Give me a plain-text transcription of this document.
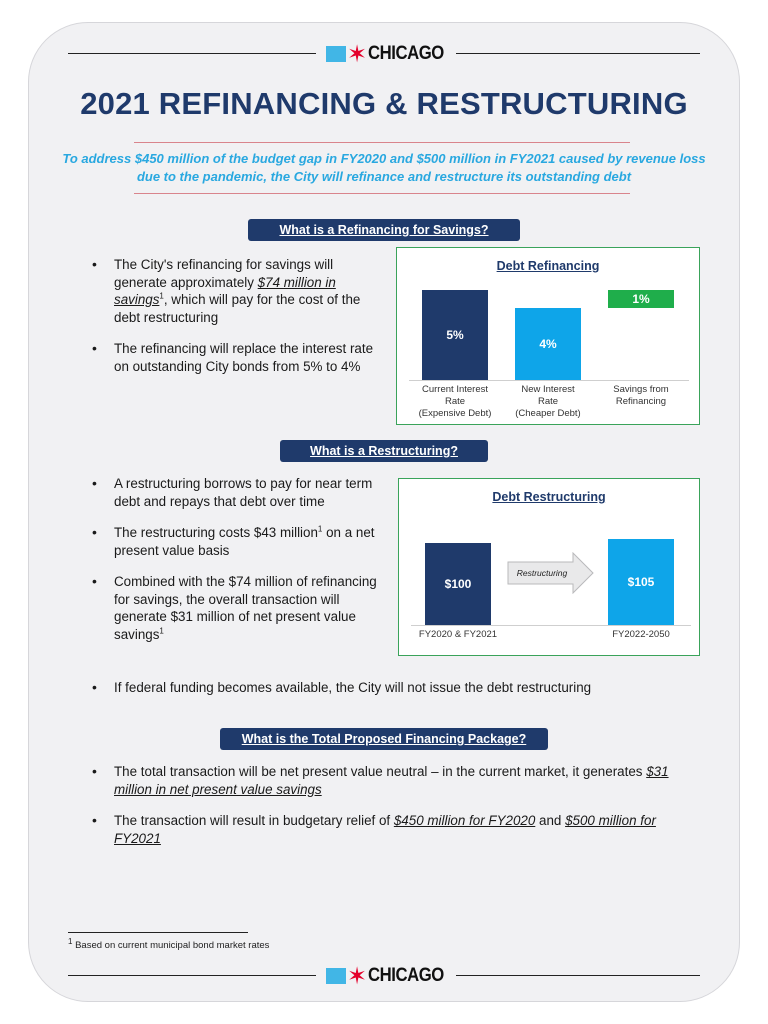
✶ CHICAGO
2021 REFINANCING & RESTRUCTURING

To address $450 million of the budget gap in FY2020 and $500 million in FY2021 caused by revenue loss due to the pandemic, the City will refinance and restructure its outstanding debt

What is a Refinancing for Savings?
• The City's refinancing for savings will generate approximately $74 million in savings$^1$, which will pay for the cost of the debt restructuring
• The refinancing will replace the interest rate on outstanding City bonds from 5% to 4%
Debt Refinancing
5%
Current Interest
Rate
(Expensive Debt)
4%
New Interest
Rate
(Cheaper Debt)
1%
Savings from
Refinancing
What is a Restructuring?
• A restructuring borrows to pay for near term debt and repays that debt over time
• The restructuring costs $43 million$^1$ on a net present value basis
• Combined with the $74 million of refinancing for savings, the overall transaction will generate $31 million of net present value savings$^1$
• If federal funding becomes available, the City will not issue the debt restructuring
Debt Restructuring
$100
FY2020 & FY2021
$105
FY2022-2050
Restructuring
What is the Total Proposed Financing Package?
• The total transaction will be net present value neutral – in the current market, it generates $31 million in net present value savings
• The transaction will result in budgetary relief of $450 million for FY2020 and $500 million for FY2021
$^1$ Based on current municipal bond market rates
✶ CHICAGO
